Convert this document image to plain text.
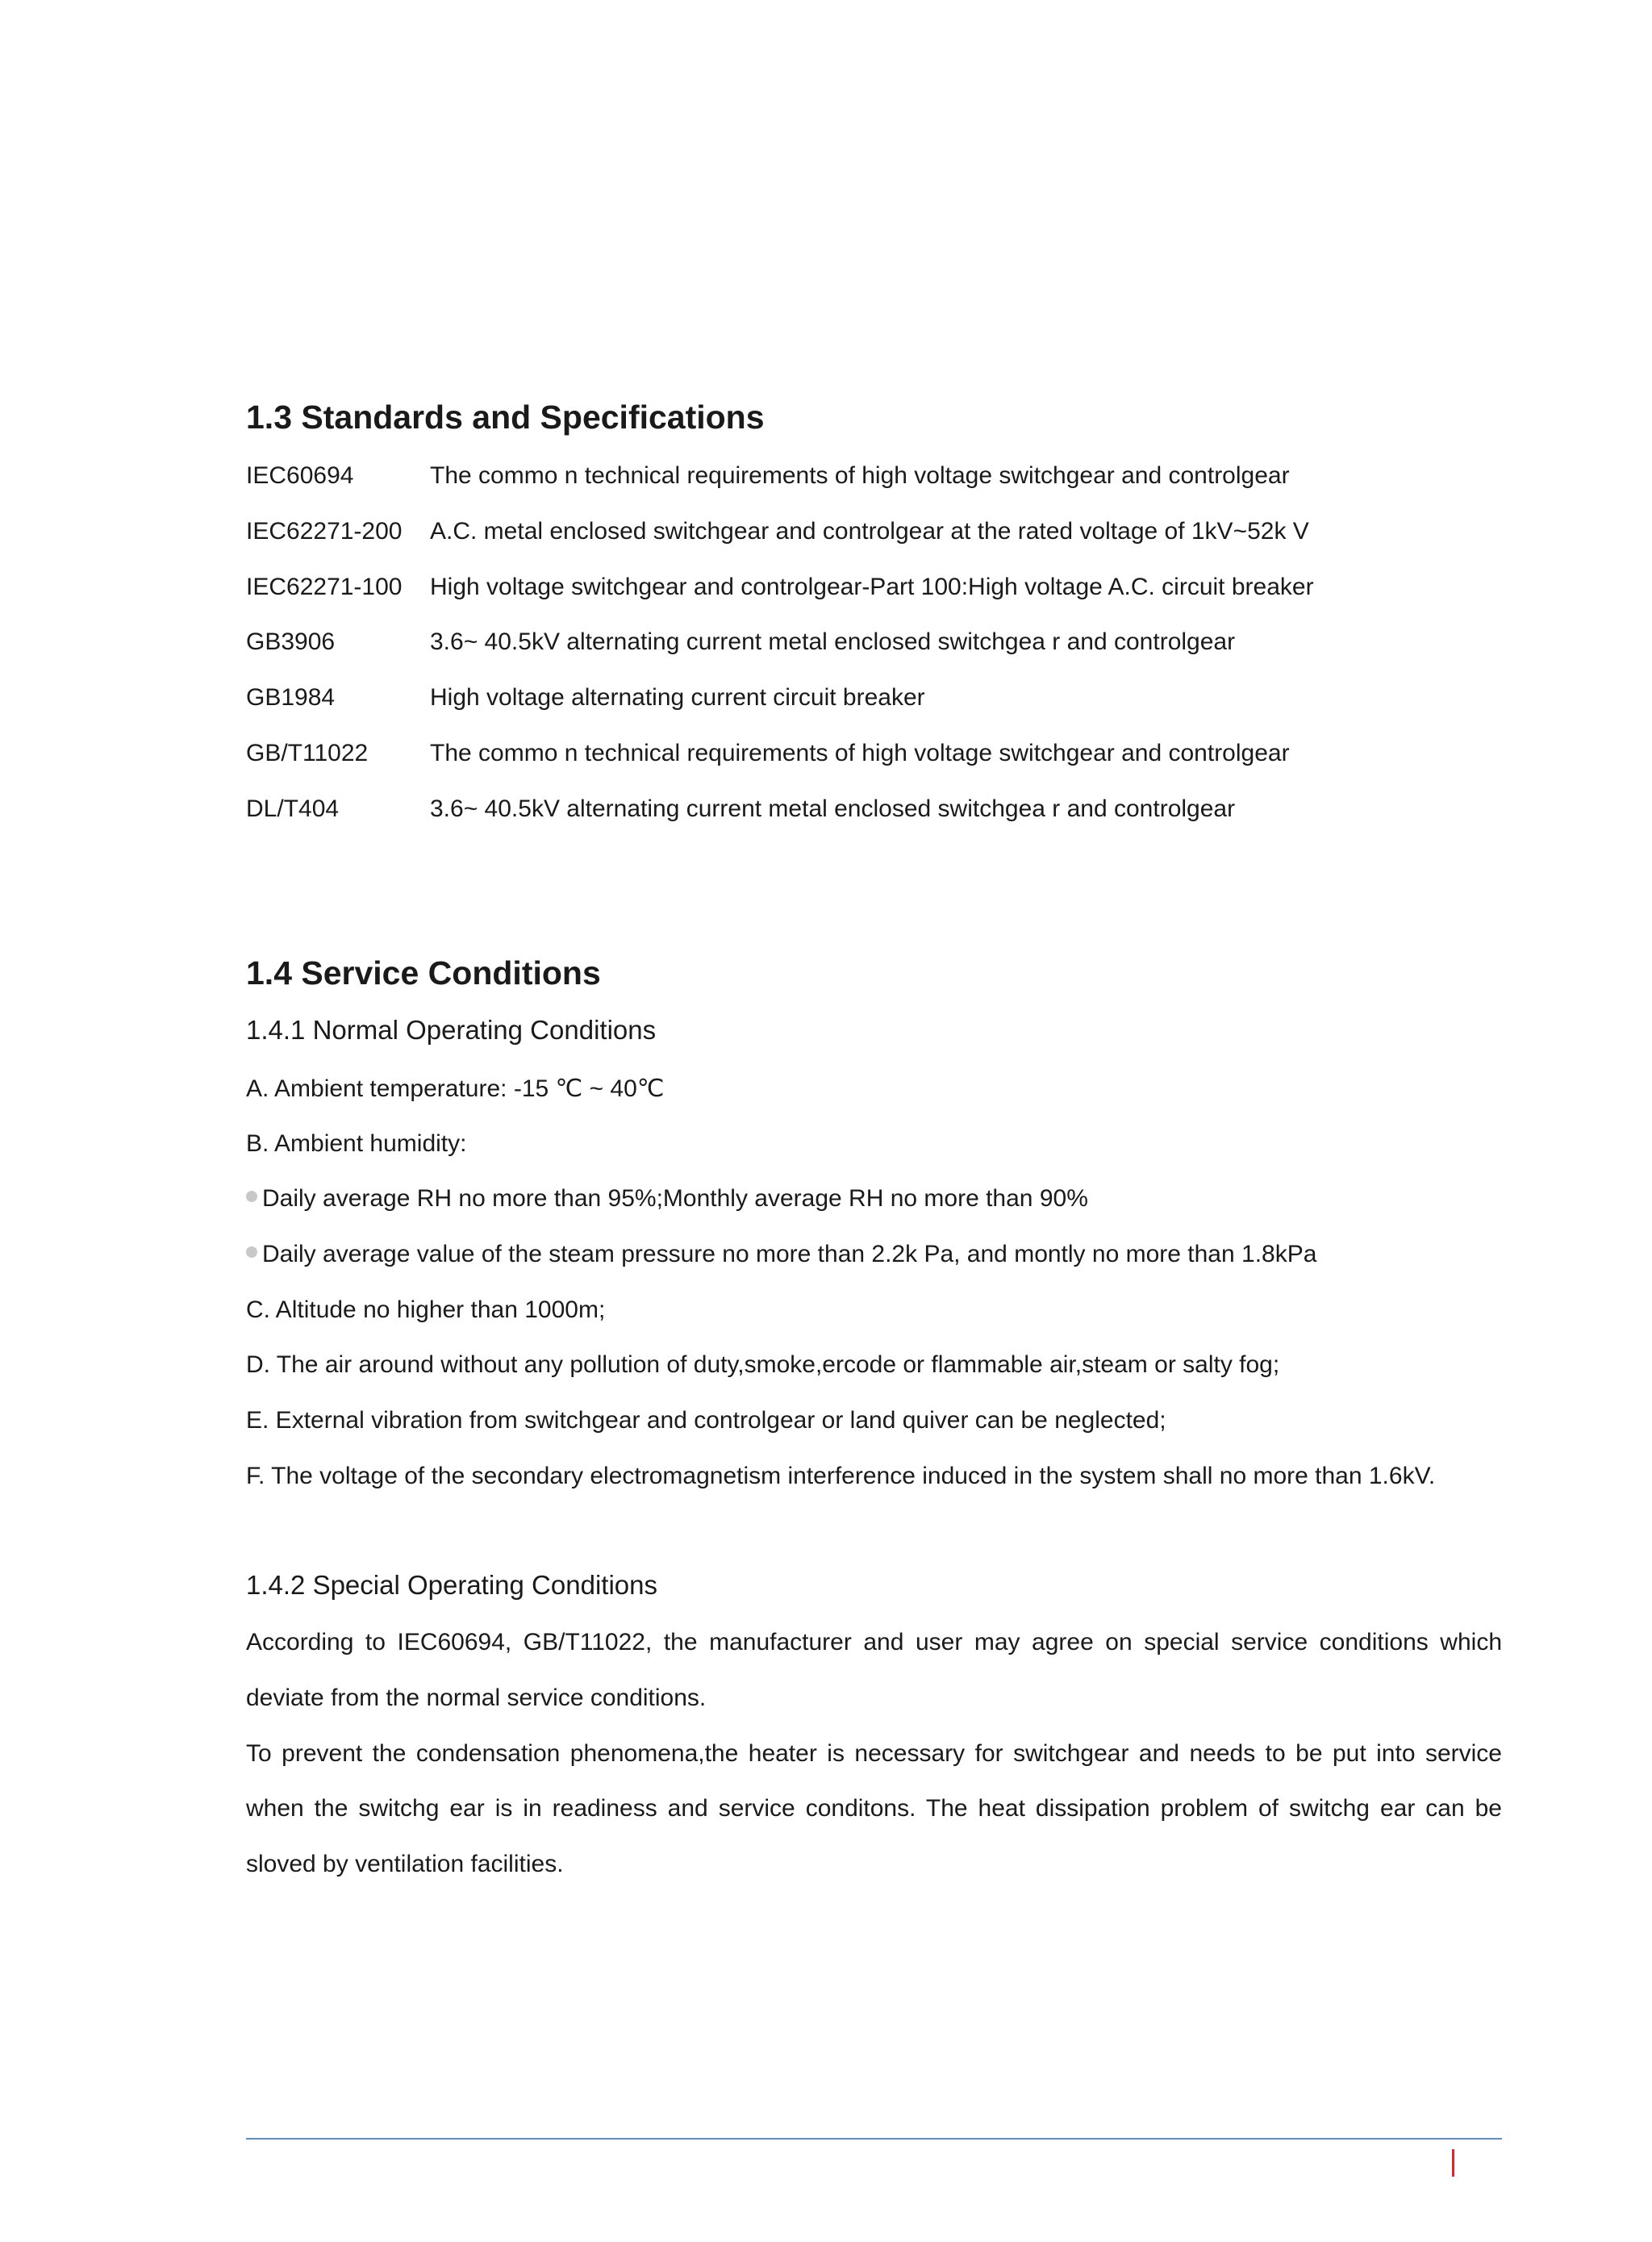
1.3 Standards and Specifications
IEC60694	The commo n technical requirements of high voltage switchgear and controlgear
IEC62271-200 A.C. metal enclosed switchgear and controlgear at the rated voltage of 1kV~52k V
IEC62271-100 High voltage switchgear and controlgear-Part 100:High voltage A.C. circuit breaker
GB3906	3.6~ 40.5kV alternating current metal enclosed switchgea r and controlgear
GB1984	High voltage alternating current circuit breaker
GB/T11022	The commo n technical requirements of high voltage switchgear and controlgear
DL/T404	3.6~ 40.5kV alternating current metal enclosed switchgea r and controlgear
1.4 Service Conditions
1.4.1 Normal Operating Conditions
A. Ambient temperature: -15 ℃ ~ 40℃
B. Ambient humidity:
Daily average RH no more than 95%;Monthly average RH no more than 90%
Daily average value of the steam pressure no more than 2.2k Pa, and montly no more than 1.8kPa
C. Altitude no higher than 1000m;
D. The air around without any pollution of duty,smoke,ercode or flammable air,steam or salty fog;
E. External vibration from switchgear and controlgear or land quiver can be neglected;
F. The voltage of the secondary electromagnetism interference induced in the system shall no more than 1.6kV.
1.4.2 Special Operating Conditions
According to IEC60694, GB/T11022, the manufacturer and user may agree on special service conditions which
deviate from the normal service conditions.
To prevent the condensation phenomena,the heater is necessary for switchgear and needs to be put into service
when the switchg ear is in readiness and service conditons. The heat dissipation problem of switchg ear can be
sloved by ventilation facilities.
